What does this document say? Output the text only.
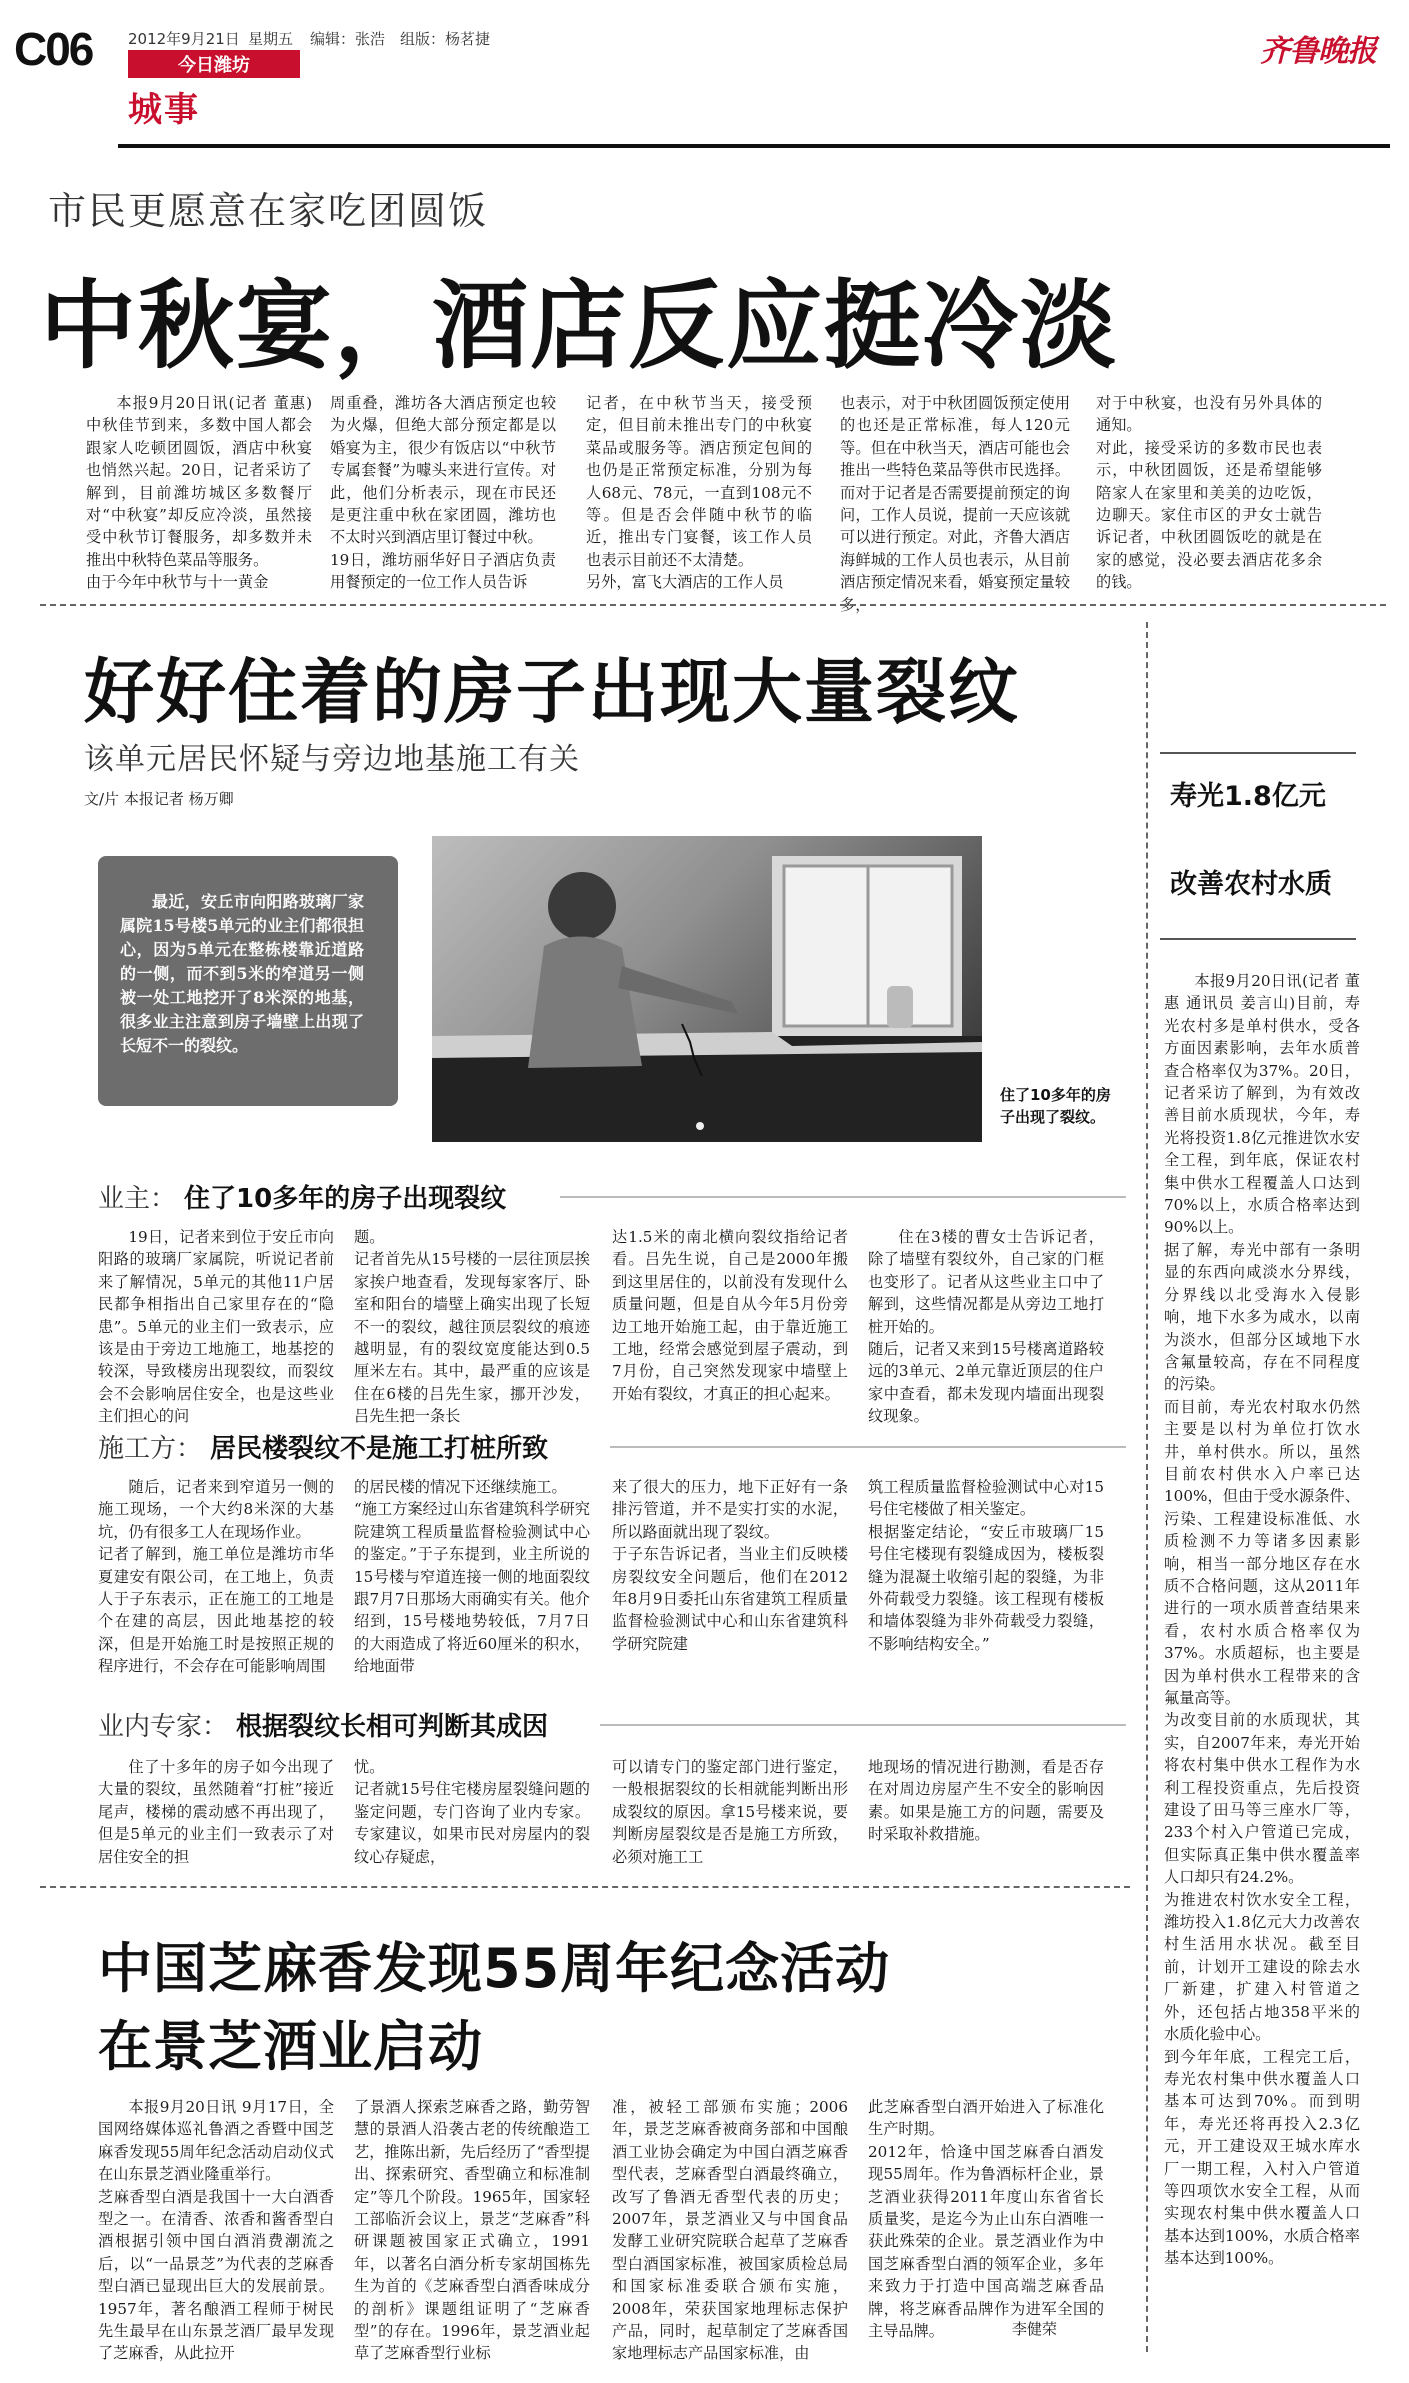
C06 2012年9月21日 星期五 编辑：张浩 组版：杨茗捷
今日潍坊
城事
齐鲁晚报
市民更愿意在家吃团圆饭
中秋宴，酒店反应挺冷淡
本报9月20日讯(记者 董惠) 中秋佳节到来，多数中国人都会跟家人吃顿团圆饭，酒店中秋宴也悄然兴起。20日，记者采访了解到，目前潍坊城区多数餐厅对“中秋宴”却反应冷淡，虽然接受中秋节订餐服务，却多数并未推出中秋特色菜品等服务。
由于今年中秋节与十一黄金
周重叠，潍坊各大酒店预定也较为火爆，但绝大部分预定都是以婚宴为主，很少有饭店以“中秋节专属套餐”为噱头来进行宣传。对此，他们分析表示，现在市民还是更注重中秋在家团圆，潍坊也不太时兴到酒店里订餐过中秋。
19日，潍坊丽华好日子酒店负责用餐预定的一位工作人员告诉
记者，在中秋节当天，接受预定，但目前未推出专门的中秋宴菜品或服务等。酒店预定包间的也仍是正常预定标准，分别为每人68元、78元，一直到108元不等。但是否会伴随中秋节的临近，推出专门宴餐，该工作人员也表示目前还不太清楚。
另外，富飞大酒店的工作人员
也表示，对于中秋团圆饭预定使用的也还是正常标准，每人120元等。但在中秋当天，酒店可能也会推出一些特色菜品等供市民选择。而对于记者是否需要提前预定的询问，工作人员说，提前一天应该就可以进行预定。对此，齐鲁大酒店海鲜城的工作人员也表示，从目前酒店预定情况来看，婚宴预定量较多，
对于中秋宴，也没有另外具体的通知。
对此，接受采访的多数市民也表示，中秋团圆饭，还是希望能够陪家人在家里和美美的边吃饭，边聊天。家住市区的尹女士就告诉记者，中秋团圆饭吃的就是在家的感觉，没必要去酒店花多余的钱。
好好住着的房子出现大量裂纹
该单元居民怀疑与旁边地基施工有关
文/片 本报记者 杨万卿
最近，安丘市向阳路玻璃厂家属院15号楼5单元的业主们都很担心，因为5单元在整栋楼靠近道路的一侧，而不到5米的窄道另一侧被一处工地挖开了8米深的地基，很多业主注意到房子墙壁上出现了长短不一的裂纹。
住了10多年的房子出现了裂纹。
业主： 住了10多年的房子出现裂纹
19日，记者来到位于安丘市向阳路的玻璃厂家属院，听说记者前来了解情况，5单元的其他11户居民都争相指出自己家里存在的“隐患”。5单元的业主们一致表示，应该是由于旁边工地施工，地基挖的较深，导致楼房出现裂纹，而裂纹会不会影响居住安全，也是这些业主们担心的问
题。
记者首先从15号楼的一层往顶层挨家挨户地查看，发现每家客厅、卧室和阳台的墙壁上确实出现了长短不一的裂纹，越往顶层裂纹的痕迹越明显，有的裂纹宽度能达到0.5厘米左右。其中，最严重的应该是住在6楼的吕先生家，挪开沙发，吕先生把一条长
达1.5米的南北横向裂纹指给记者看。吕先生说，自己是2000年搬到这里居住的，以前没有发现什么质量问题，但是自从今年5月份旁边工地开始施工起，由于靠近施工工地，经常会感觉到屋子震动，到7月份，自己突然发现家中墙壁上开始有裂纹，才真正的担心起来。
住在3楼的曹女士告诉记者，除了墙壁有裂纹外，自己家的门框也变形了。记者从这些业主口中了解到，这些情况都是从旁边工地打桩开始的。
随后，记者又来到15号楼离道路较远的3单元、2单元靠近顶层的住户家中查看，都未发现内墙面出现裂纹现象。
施工方： 居民楼裂纹不是施工打桩所致
随后，记者来到窄道另一侧的施工现场，一个大约8米深的大基坑，仍有很多工人在现场作业。
记者了解到，施工单位是潍坊市华夏建安有限公司，在工地上，负责人于子东表示，正在施工的工地是个在建的高层，因此地基挖的较深，但是开始施工时是按照正规的程序进行，不会存在可能影响周围
的居民楼的情况下还继续施工。
“施工方案经过山东省建筑科学研究院建筑工程质量监督检验测试中心的鉴定。”于子东提到，业主所说的15号楼与窄道连接一侧的地面裂纹跟7月7日那场大雨确实有关。他介绍到，15号楼地势较低，7月7日的大雨造成了将近60厘米的积水，给地面带
来了很大的压力，地下正好有一条排污管道，并不是实打实的水泥，所以路面就出现了裂纹。
于子东告诉记者，当业主们反映楼房裂纹安全问题后，他们在2012年8月9日委托山东省建筑工程质量监督检验测试中心和山东省建筑科学研究院建
筑工程质量监督检验测试中心对15号住宅楼做了相关鉴定。
根据鉴定结论，“安丘市玻璃厂15号住宅楼现有裂缝成因为，楼板裂缝为混凝土收缩引起的裂缝，为非外荷载受力裂缝。该工程现有楼板和墙体裂缝为非外荷载受力裂缝，不影响结构安全。”
业内专家： 根据裂纹长相可判断其成因
住了十多年的房子如今出现了大量的裂纹，虽然随着“打桩”接近尾声，楼梯的震动感不再出现了，但是5单元的业主们一致表示了对居住安全的担
忧。
记者就15号住宅楼房屋裂缝问题的鉴定问题，专门咨询了业内专家。专家建议，如果市民对房屋内的裂纹心存疑虑，
可以请专门的鉴定部门进行鉴定，一般根据裂纹的长相就能判断出形成裂纹的原因。拿15号楼来说，要判断房屋裂纹是否是施工方所致，必须对施工工
地现场的情况进行勘测，看是否存在对周边房屋产生不安全的影响因素。如果是施工方的问题，需要及时采取补救措施。
中国芝麻香发现55周年纪念活动
在景芝酒业启动
本报9月20日讯 9月17日，全国网络媒体巡礼鲁酒之香暨中国芝麻香发现55周年纪念活动启动仪式在山东景芝酒业隆重举行。
芝麻香型白酒是我国十一大白酒香型之一。在清香、浓香和酱香型白酒根据引领中国白酒消费潮流之后，以“一品景芝”为代表的芝麻香型白酒已显现出巨大的发展前景。1957年，著名酿酒工程师于树民先生最早在山东景芝酒厂最早发现了芝麻香，从此拉开
了景酒人探索芝麻香之路，勤劳智慧的景酒人沿袭古老的传统酿造工艺，推陈出新，先后经历了“香型提出、探索研究、香型确立和标准制定”等几个阶段。1965年，国家轻工部临沂会议上，景芝“芝麻香”科研课题被国家正式确立，1991年，以著名白酒分析专家胡国栋先生为首的《芝麻香型白酒香味成分的剖析》课题组证明了“芝麻香型”的存在。1996年，景芝酒业起草了芝麻香型行业标
准，被轻工部颁布实施；2006年，景芝芝麻香被商务部和中国酿酒工业协会确定为中国白酒芝麻香型代表，芝麻香型白酒最终确立，改写了鲁酒无香型代表的历史；2007年，景芝酒业又与中国食品发酵工业研究院联合起草了芝麻香型白酒国家标准，被国家质检总局和国家标准委联合颁布实施，2008年，荣获国家地理标志保护产品，同时，起草制定了芝麻香国家地理标志产品国家标准，由
此芝麻香型白酒开始进入了标准化生产时期。
2012年，恰逢中国芝麻香白酒发现55周年。作为鲁酒标杆企业，景芝酒业获得2011年度山东省省长质量奖，是迄今为止山东白酒唯一获此殊荣的企业。景芝酒业作为中国芝麻香型白酒的领军企业，多年来致力于打造中国高端芝麻香品牌，将芝麻香品牌作为进军全国的主导品牌。	李健荣
寿光1.8亿元
改善农村水质
本报9月20日讯(记者 董惠 通讯员 姜言山)目前，寿光农村多是单村供水，受各方面因素影响，去年水质普查合格率仅为37%。20日，记者采访了解到，为有效改善目前水质现状，今年，寿光将投资1.8亿元推进饮水安全工程，到年底，保证农村集中供水工程覆盖人口达到70%以上，水质合格率达到90%以上。
据了解，寿光中部有一条明显的东西向咸淡水分界线，分界线以北受海水入侵影响，地下水多为咸水，以南为淡水，但部分区域地下水含氟量较高，存在不同程度的污染。
而目前，寿光农村取水仍然主要是以村为单位打饮水井，单村供水。所以，虽然目前农村供水入户率已达100%，但由于受水源条件、污染、工程建设标准低、水质检测不力等诸多因素影响，相当一部分地区存在水质不合格问题，这从2011年进行的一项水质普查结果来看，农村水质合格率仅为37%。水质超标，也主要是因为单村供水工程带来的含氟量高等。
为改变目前的水质现状，其实，自2007年来，寿光开始将农村集中供水工程作为水利工程投资重点，先后投资建设了田马等三座水厂等，233个村入户管道已完成，但实际真正集中供水覆盖率人口却只有24.2%。
为推进农村饮水安全工程，潍坊投入1.8亿元大力改善农村生活用水状况。截至目前，计划开工建设的除去水厂新建，扩建入村管道之外，还包括占地358平米的水质化验中心。
到今年年底，工程完工后，寿光农村集中供水覆盖人口基本可达到70%。而到明年，寿光还将再投入2.3亿元，开工建设双王城水库水厂一期工程，入村入户管道等四项饮水安全工程，从而实现农村集中供水覆盖人口基本达到100%，水质合格率基本达到100%。
